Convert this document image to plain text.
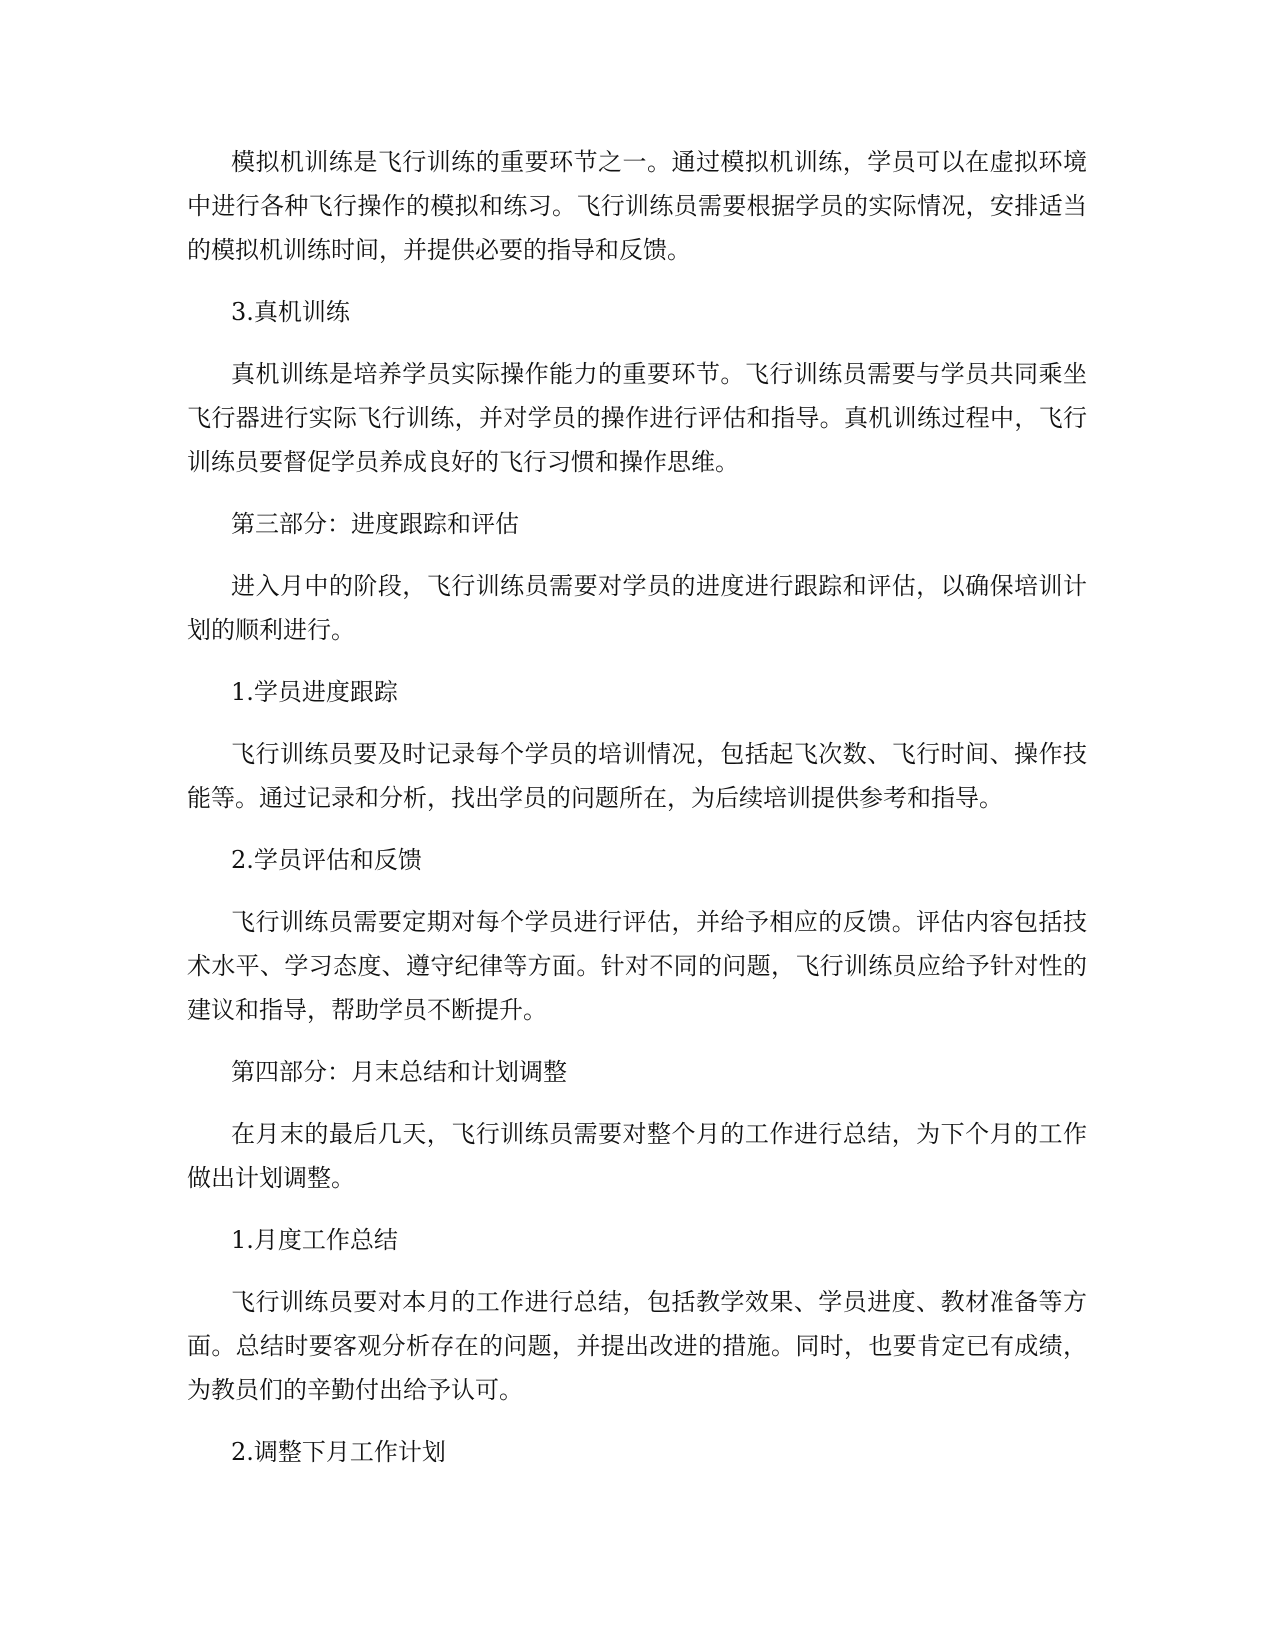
模拟机训练是飞行训练的重要环节之一。通过模拟机训练，学员可以在虚拟环境中进行各种飞行操作的模拟和练习。飞行训练员需要根据学员的实际情况，安排适当的模拟机训练时间，并提供必要的指导和反馈。

3.真机训练

真机训练是培养学员实际操作能力的重要环节。飞行训练员需要与学员共同乘坐飞行器进行实际飞行训练，并对学员的操作进行评估和指导。真机训练过程中，飞行训练员要督促学员养成良好的飞行习惯和操作思维。

第三部分：进度跟踪和评估

进入月中的阶段，飞行训练员需要对学员的进度进行跟踪和评估，以确保培训计划的顺利进行。

1.学员进度跟踪

飞行训练员要及时记录每个学员的培训情况，包括起飞次数、飞行时间、操作技能等。通过记录和分析，找出学员的问题所在，为后续培训提供参考和指导。

2.学员评估和反馈

飞行训练员需要定期对每个学员进行评估，并给予相应的反馈。评估内容包括技术水平、学习态度、遵守纪律等方面。针对不同的问题，飞行训练员应给予针对性的建议和指导，帮助学员不断提升。

第四部分：月末总结和计划调整

在月末的最后几天，飞行训练员需要对整个月的工作进行总结，为下个月的工作做出计划调整。

1.月度工作总结

飞行训练员要对本月的工作进行总结，包括教学效果、学员进度、教材准备等方面。总结时要客观分析存在的问题，并提出改进的措施。同时，也要肯定已有成绩，为教员们的辛勤付出给予认可。

2.调整下月工作计划
